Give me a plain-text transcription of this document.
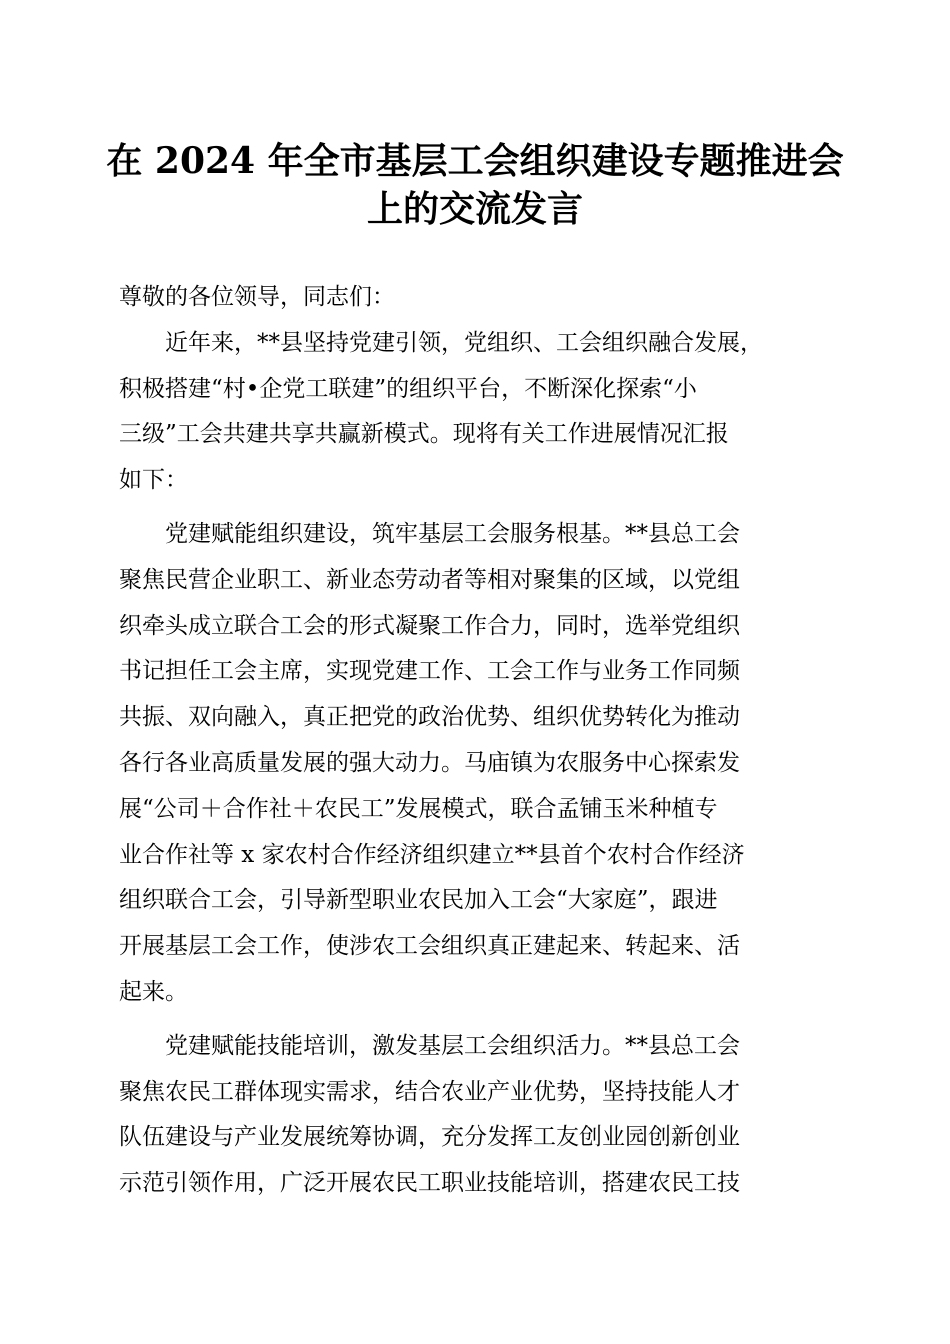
在 2024 年全市基层工会组织建设专题推进会
上的交流发言
尊敬的各位领导，同志们：
近年来，**县坚持党建引领，党组织、工会组织融合发展，
积极搭建“村•企党工联建”的组织平台，不断深化探索“小
三级”工会共建共享共赢新模式。现将有关工作进展情况汇报
如下：
党建赋能组织建设，筑牢基层工会服务根基。**县总工会
聚焦民营企业职工、新业态劳动者等相对聚集的区域，以党组
织牵头成立联合工会的形式凝聚工作合力，同时，选举党组织
书记担任工会主席，实现党建工作、工会工作与业务工作同频
共振、双向融入，真正把党的政治优势、组织优势转化为推动
各行各业高质量发展的强大动力。马庙镇为农服务中心探索发
展“公司＋合作社＋农民工”发展模式，联合孟铺玉米种植专
业合作社等 x 家农村合作经济组织建立**县首个农村合作经济
组织联合工会，引导新型职业农民加入工会“大家庭”，跟进
开展基层工会工作，使涉农工会组织真正建起来、转起来、活
起来。
党建赋能技能培训，激发基层工会组织活力。**县总工会
聚焦农民工群体现实需求，结合农业产业优势，坚持技能人才
队伍建设与产业发展统筹协调，充分发挥工友创业园创新创业
示范引领作用，广泛开展农民工职业技能培训，搭建农民工技
